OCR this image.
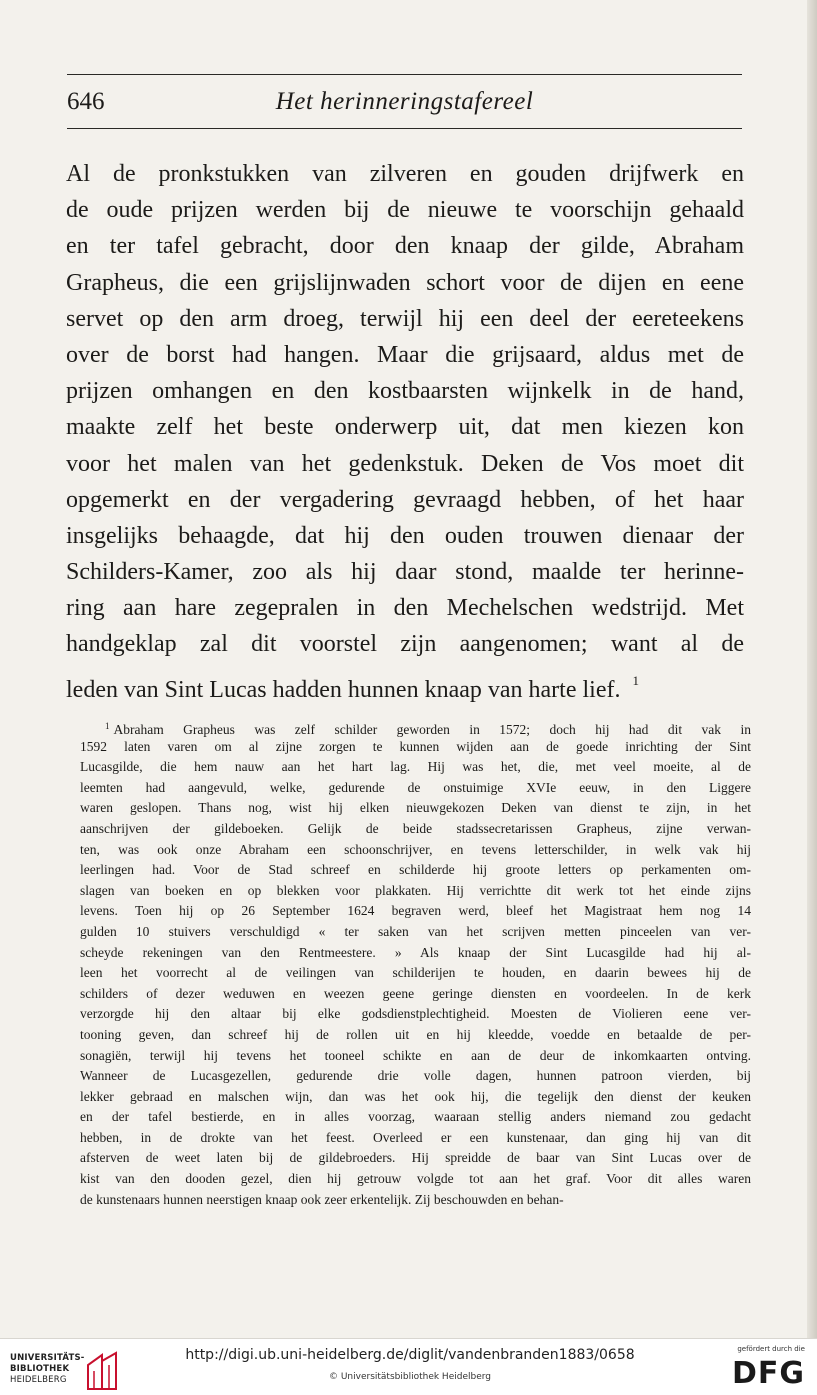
646	Het herinneringstafereel
Al de pronkstukken van zilveren en gouden drijfwerk en
de oude prijzen werden bij de nieuwe te voorschijn gehaald
en ter tafel gebracht, door den knaap der gilde, Abraham
Grapheus, die een grijslijnwaden schort voor de dijen en eene
servet op den arm droeg, terwijl hij een deel der eereteekens
over de borst had hangen. Maar die grijsaard, aldus met de
prijzen omhangen en den kostbaarsten wijnkelk in de hand,
maakte zelf het beste onderwerp uit, dat men kiezen kon
voor het malen van het gedenkstuk. Deken de Vos moet dit
opgemerkt en der vergadering gevraagd hebben, of het haar
insgelijks behaagde, dat hij den ouden trouwen dienaar der
Schilders-Kamer, zoo als hij daar stond, maalde ter herinne-
ring aan hare zegepralen in den Mechelschen wedstrijd. Met
handgeklap zal dit voorstel zijn aangenomen; want al de
leden van Sint Lucas hadden hunnen knaap van harte lief. $^1$
$^1$ Abraham Grapheus was zelf schilder geworden in 1572; doch hij had dit vak in
1592 laten varen om al zijne zorgen te kunnen wijden aan de goede inrichting der Sint
Lucasgilde, die hem nauw aan het hart lag. Hij was het, die, met veel moeite, al de
leemten had aangevuld, welke, gedurende de onstuimige XVIe eeuw, in den Liggere
waren geslopen. Thans nog, wist hij elken nieuwgekozen Deken van dienst te zijn, in het
aanschrijven der gildeboeken. Gelijk de beide stadssecretarissen Grapheus, zijne verwan-
ten, was ook onze Abraham een schoonschrijver, en tevens letterschilder, in welk vak hij
leerlingen had. Voor de Stad schreef en schilderde hij groote letters op perkamenten om-
slagen van boeken en op blekken voor plakkaten. Hij verrichtte dit werk tot het einde zijns
levens. Toen hij op 26 September 1624 begraven werd, bleef het Magistraat hem nog 14
gulden 10 stuivers verschuldigd « ter saken van het scrijven metten pinceelen van ver-
scheyde rekeningen van den Rentmeestere. » Als knaap der Sint Lucasgilde had hij al-
leen het voorrecht al de veilingen van schilderijen te houden, en daarin bewees hij de
schilders of dezer weduwen en weezen geene geringe diensten en voordeelen. In de kerk
verzorgde hij den altaar bij elke godsdienstplechtigheid. Moesten de Violieren eene ver-
tooning geven, dan schreef hij de rollen uit en hij kleedde, voedde en betaalde de per-
sonagiën, terwijl hij tevens het tooneel schikte en aan de deur de inkomkaarten ontving.
Wanneer de Lucasgezellen, gedurende drie volle dagen, hunnen patroon vierden, bij
lekker gebraad en malschen wijn, dan was het ook hij, die tegelijk den dienst der keuken
en der tafel bestierde, en in alles voorzag, waaraan stellig anders niemand zou gedacht
hebben, in de drokte van het feest. Overleed er een kunstenaar, dan ging hij van dit
afsterven de weet laten bij de gildebroeders. Hij spreidde de baar van Sint Lucas over de
kist van den dooden gezel, dien hij getrouw volgde tot aan het graf. Voor dit alles waren
de kunstenaars hunnen neerstigen knaap ook zeer erkentelijk. Zij beschouwden en behan-
UNIVERSITÄTS-
BIBLIOTHEK
HEIDELBERG
http://digi.ub.uni-heidelberg.de/diglit/vandenbranden1883/0658
© Universitätsbibliothek Heidelberg
gefördert durch die
DFG
